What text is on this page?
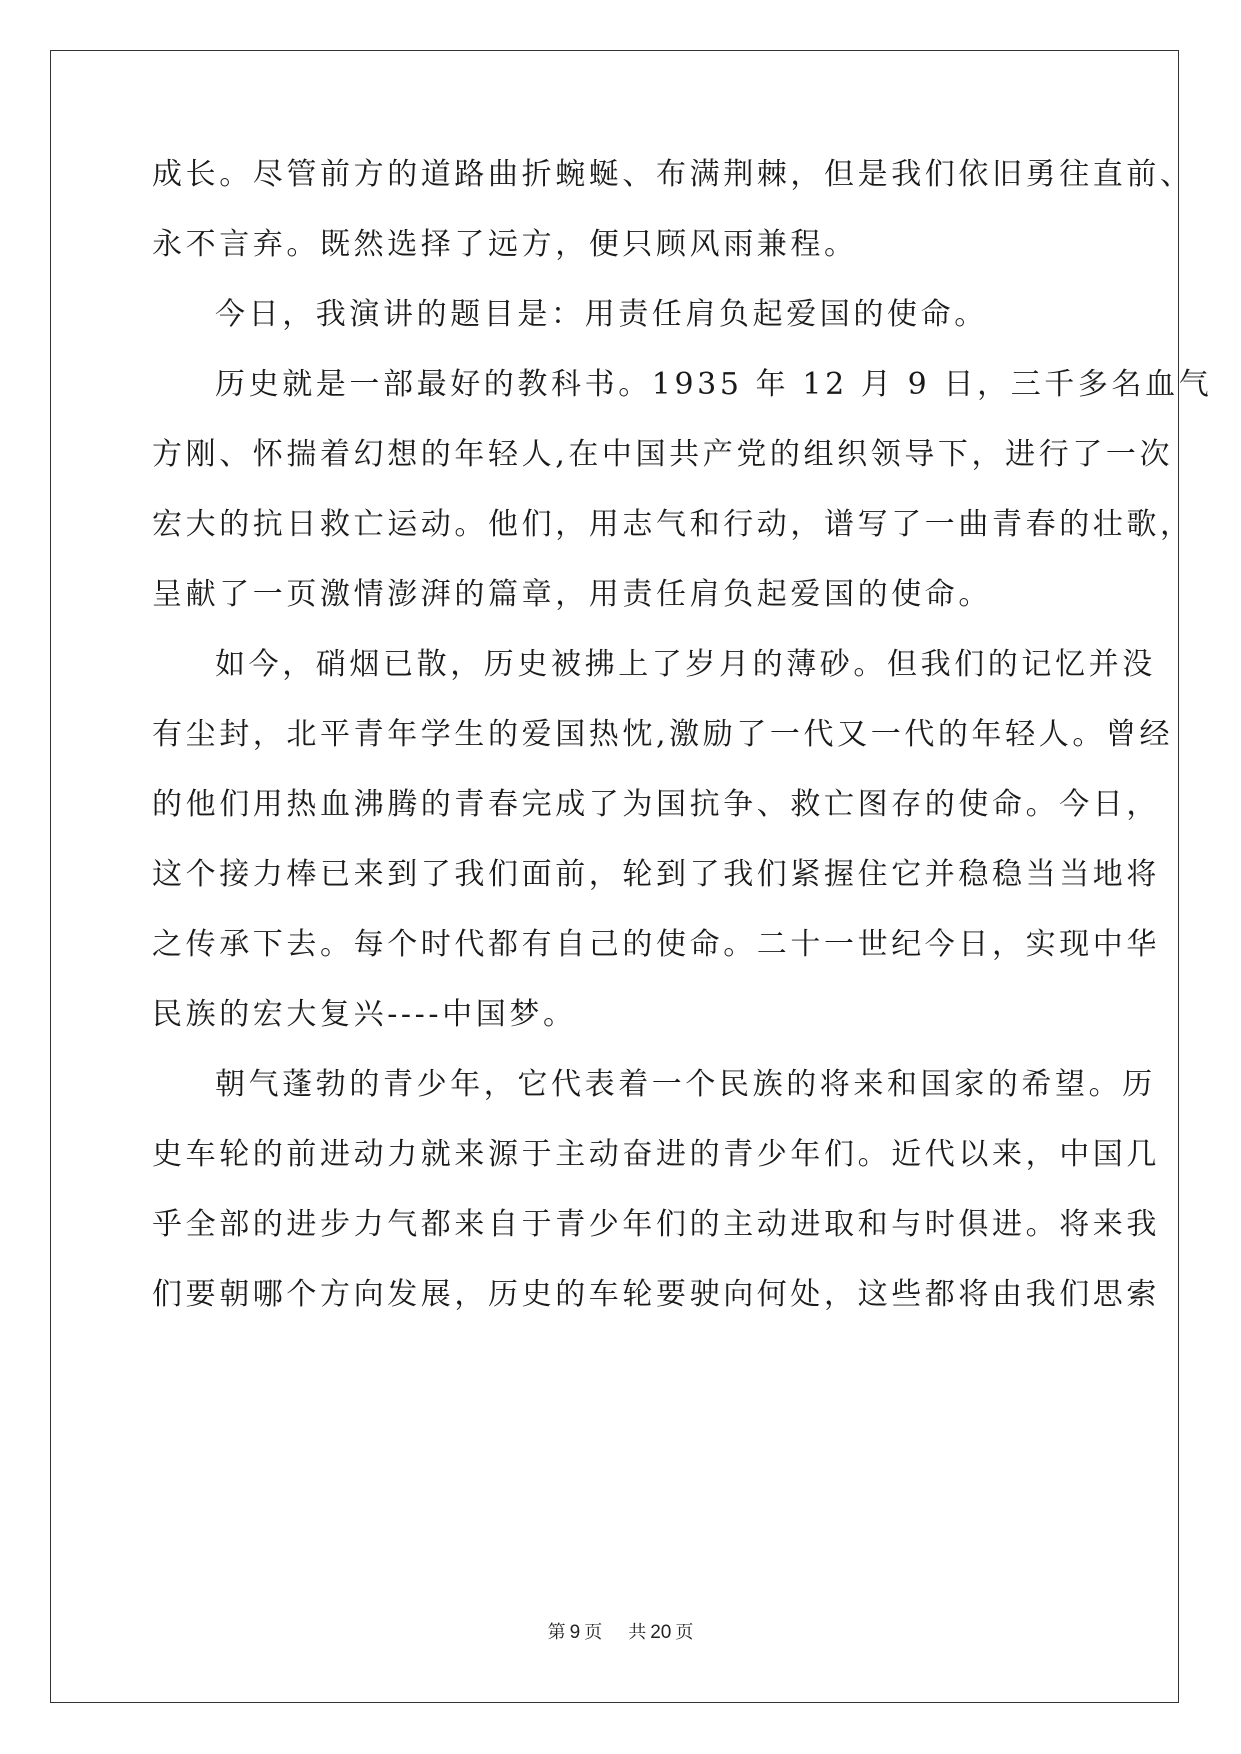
成长。尽管前方的道路曲折蜿蜒、布满荆棘，但是我们依旧勇往直前、
永不言弃。既然选择了远方，便只顾风雨兼程。
今日，我演讲的题目是：用责任肩负起爱国的使命。
历史就是一部最好的教科书。1935 年 12 月 9 日，三千多名血气
方刚、怀揣着幻想的年轻人,在中国共产党的组织领导下，进行了一次
宏大的抗日救亡运动。他们，用志气和行动，谱写了一曲青春的壮歌，
呈献了一页激情澎湃的篇章，用责任肩负起爱国的使命。
如今，硝烟已散，历史被拂上了岁月的薄砂。但我们的记忆并没
有尘封，北平青年学生的爱国热忱,激励了一代又一代的年轻人。曾经
的他们用热血沸腾的青春完成了为国抗争、救亡图存的使命。今日，
这个接力棒已来到了我们面前，轮到了我们紧握住它并稳稳当当地将
之传承下去。每个时代都有自己的使命。二十一世纪今日，实现中华
民族的宏大复兴----中国梦。
朝气蓬勃的青少年，它代表着一个民族的将来和国家的希望。历
史车轮的前进动力就来源于主动奋进的青少年们。近代以来，中国几
乎全部的进步力气都来自于青少年们的主动进取和与时俱进。将来我
们要朝哪个方向发展，历史的车轮要驶向何处，这些都将由我们思索
第 9 页 共 20 页
